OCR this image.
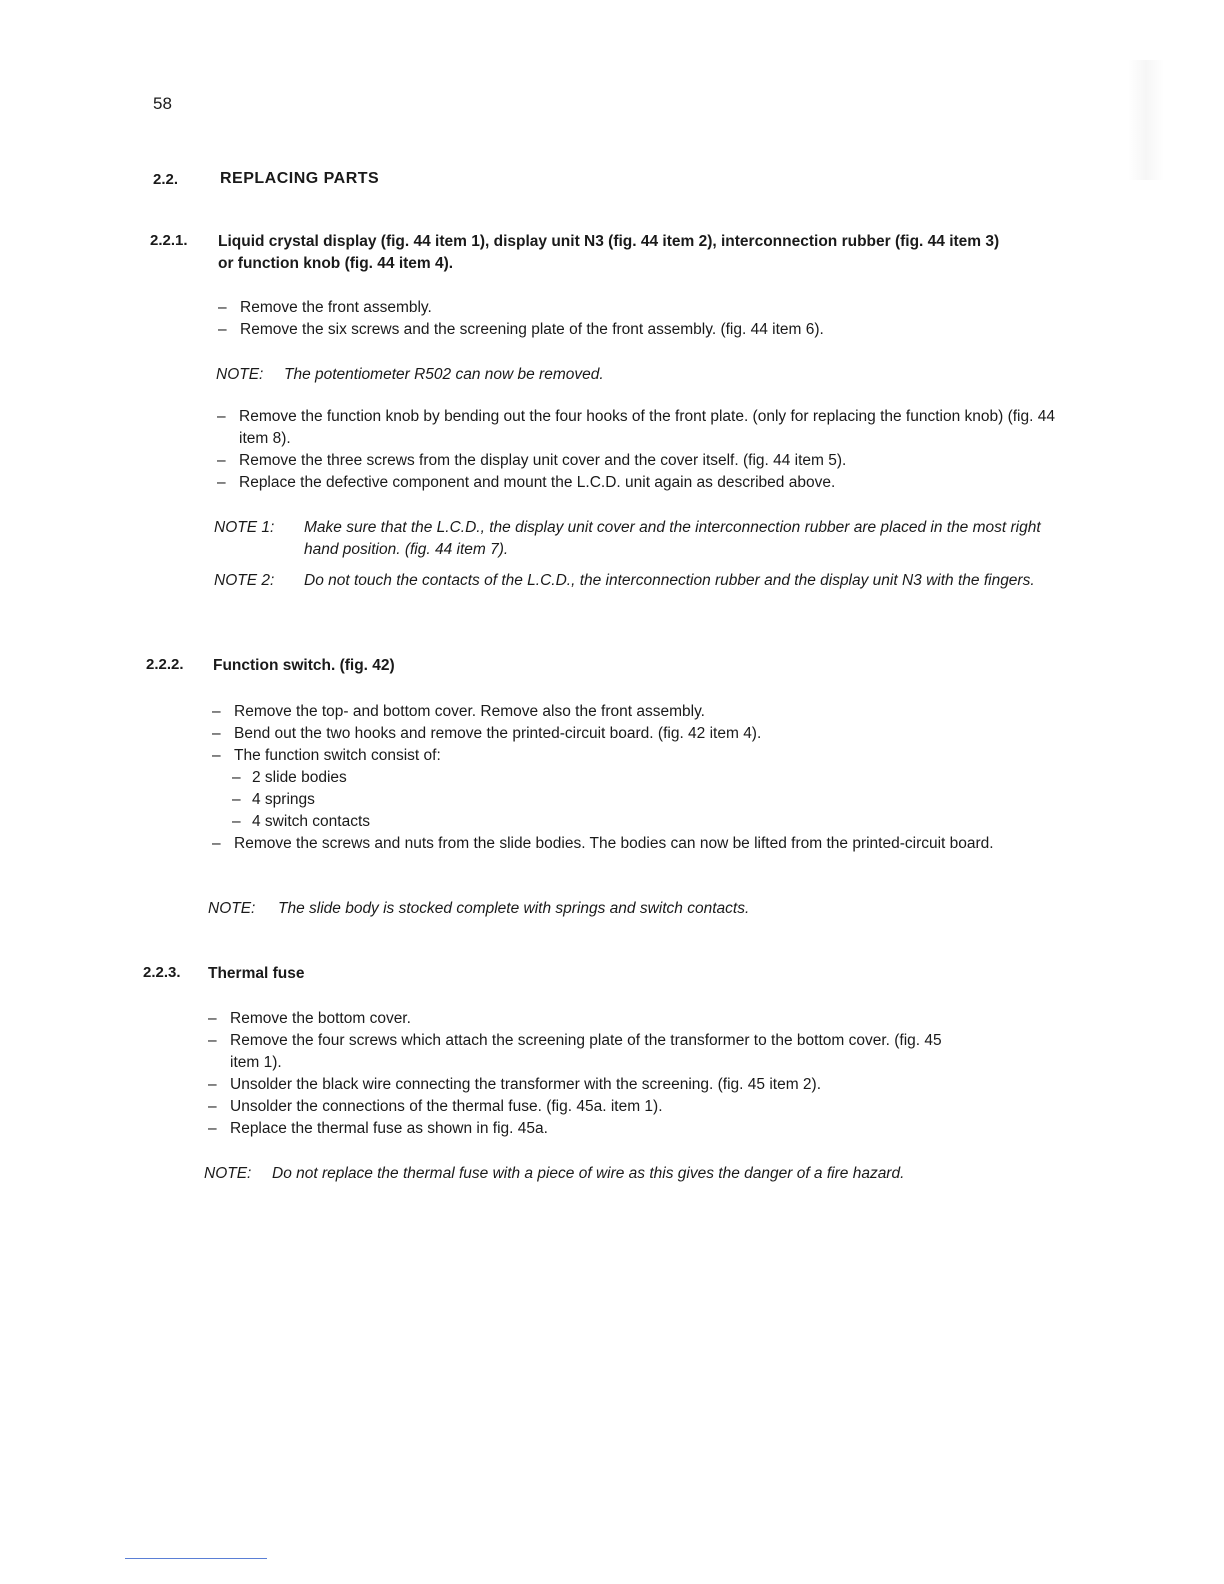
58
2.2.	REPLACING PARTS
2.2.1. Liquid crystal display (fig. 44 item 1), display unit N3 (fig. 44 item 2), interconnection rubber (fig. 44 item 3)
or function knob (fig. 44 item 4).
– Remove the front assembly.
– Remove the six screws and the screening plate of the front assembly. (fig. 44 item 6).
NOTE: The potentiometer R502 can now be removed.
– Remove the function knob by bending out the four hooks of the front plate. (only for replacing the function knob) (fig. 44 item 8).
– Remove the three screws from the display unit cover and the cover itself. (fig. 44 item 5).
– Replace the defective component and mount the L.C.D. unit again as described above.
NOTE 1:	Make sure that the L.C.D., the display unit cover and the interconnection rubber are placed in the most right hand position. (fig. 44 item 7).
NOTE 2:	Do not touch the contacts of the L.C.D., the interconnection rubber and the display unit N3 with the fingers.
2.2.2. Function switch. (fig. 42)
– Remove the top- and bottom cover. Remove also the front assembly.
– Bend out the two hooks and remove the printed-circuit board. (fig. 42 item 4).
– The function switch consist of:
– 2 slide bodies
– 4 springs
– 4 switch contacts
– Remove the screws and nuts from the slide bodies. The bodies can now be lifted from the printed-circuit board.
NOTE: The slide body is stocked complete with springs and switch contacts.
2.2.3. Thermal fuse
– Remove the bottom cover.
– Remove the four screws which attach the screening plate of the transformer to the bottom cover. (fig. 45 item 1).
– Unsolder the black wire connecting the transformer with the screening. (fig. 45 item 2).
– Unsolder the connections of the thermal fuse. (fig. 45a. item 1).
– Replace the thermal fuse as shown in fig. 45a.
NOTE: Do not replace the thermal fuse with a piece of wire as this gives the danger of a fire hazard.
